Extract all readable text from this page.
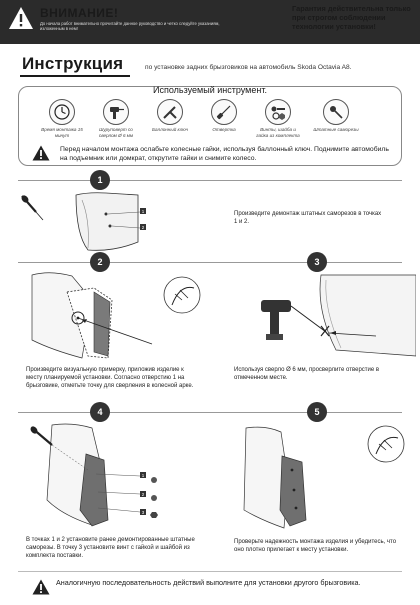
ВНИМАНИЕ!
До начала работ внимательно прочитайте данное руководство и четко следуйте указаниям, изложенным в нем!
Гарантия действительна только при строгом соблюдении технологии установки!
Инструкция	по установке задних брызговиков на автомобиль Skoda Octavia A8.
Используемый инструмент.
Время монтажа 15 минут
Шуруповерт со сверлом Ø 6 мм
Баллонный ключ	Отвертка	Винты, шайба и гайка из комплекта
Штатные саморезы
Перед началом монтажа ослабьте колесные гайки, используя баллонный ключ. Поднимите автомобиль на подъемник или домкрат, открутите гайки и снимите колесо.
1
1
2
Произведите демонтаж штатных саморезов в точках 1 и 2.
2	3
Произведите визуальную примерку, приложив изделие к месту планируемой установки. Согласно отверстию 1 на брызговике, отметьте точку для сверления в колесной арке.
Используя сверло Ø 6 мм, просверлите отверстие в отмеченном месте.
4	5
1
2
3
В точках 1 и 2 установите ранее демонтированные штатные саморезы. В точку 3 установите винт с гайкой и шайбой из комплекта поставки.
Проверьте надежность монтажа изделия и убедитесь, что оно плотно прилегает к месту установки.
Аналогичную последовательность действий выполните для установки другого брызговика.
